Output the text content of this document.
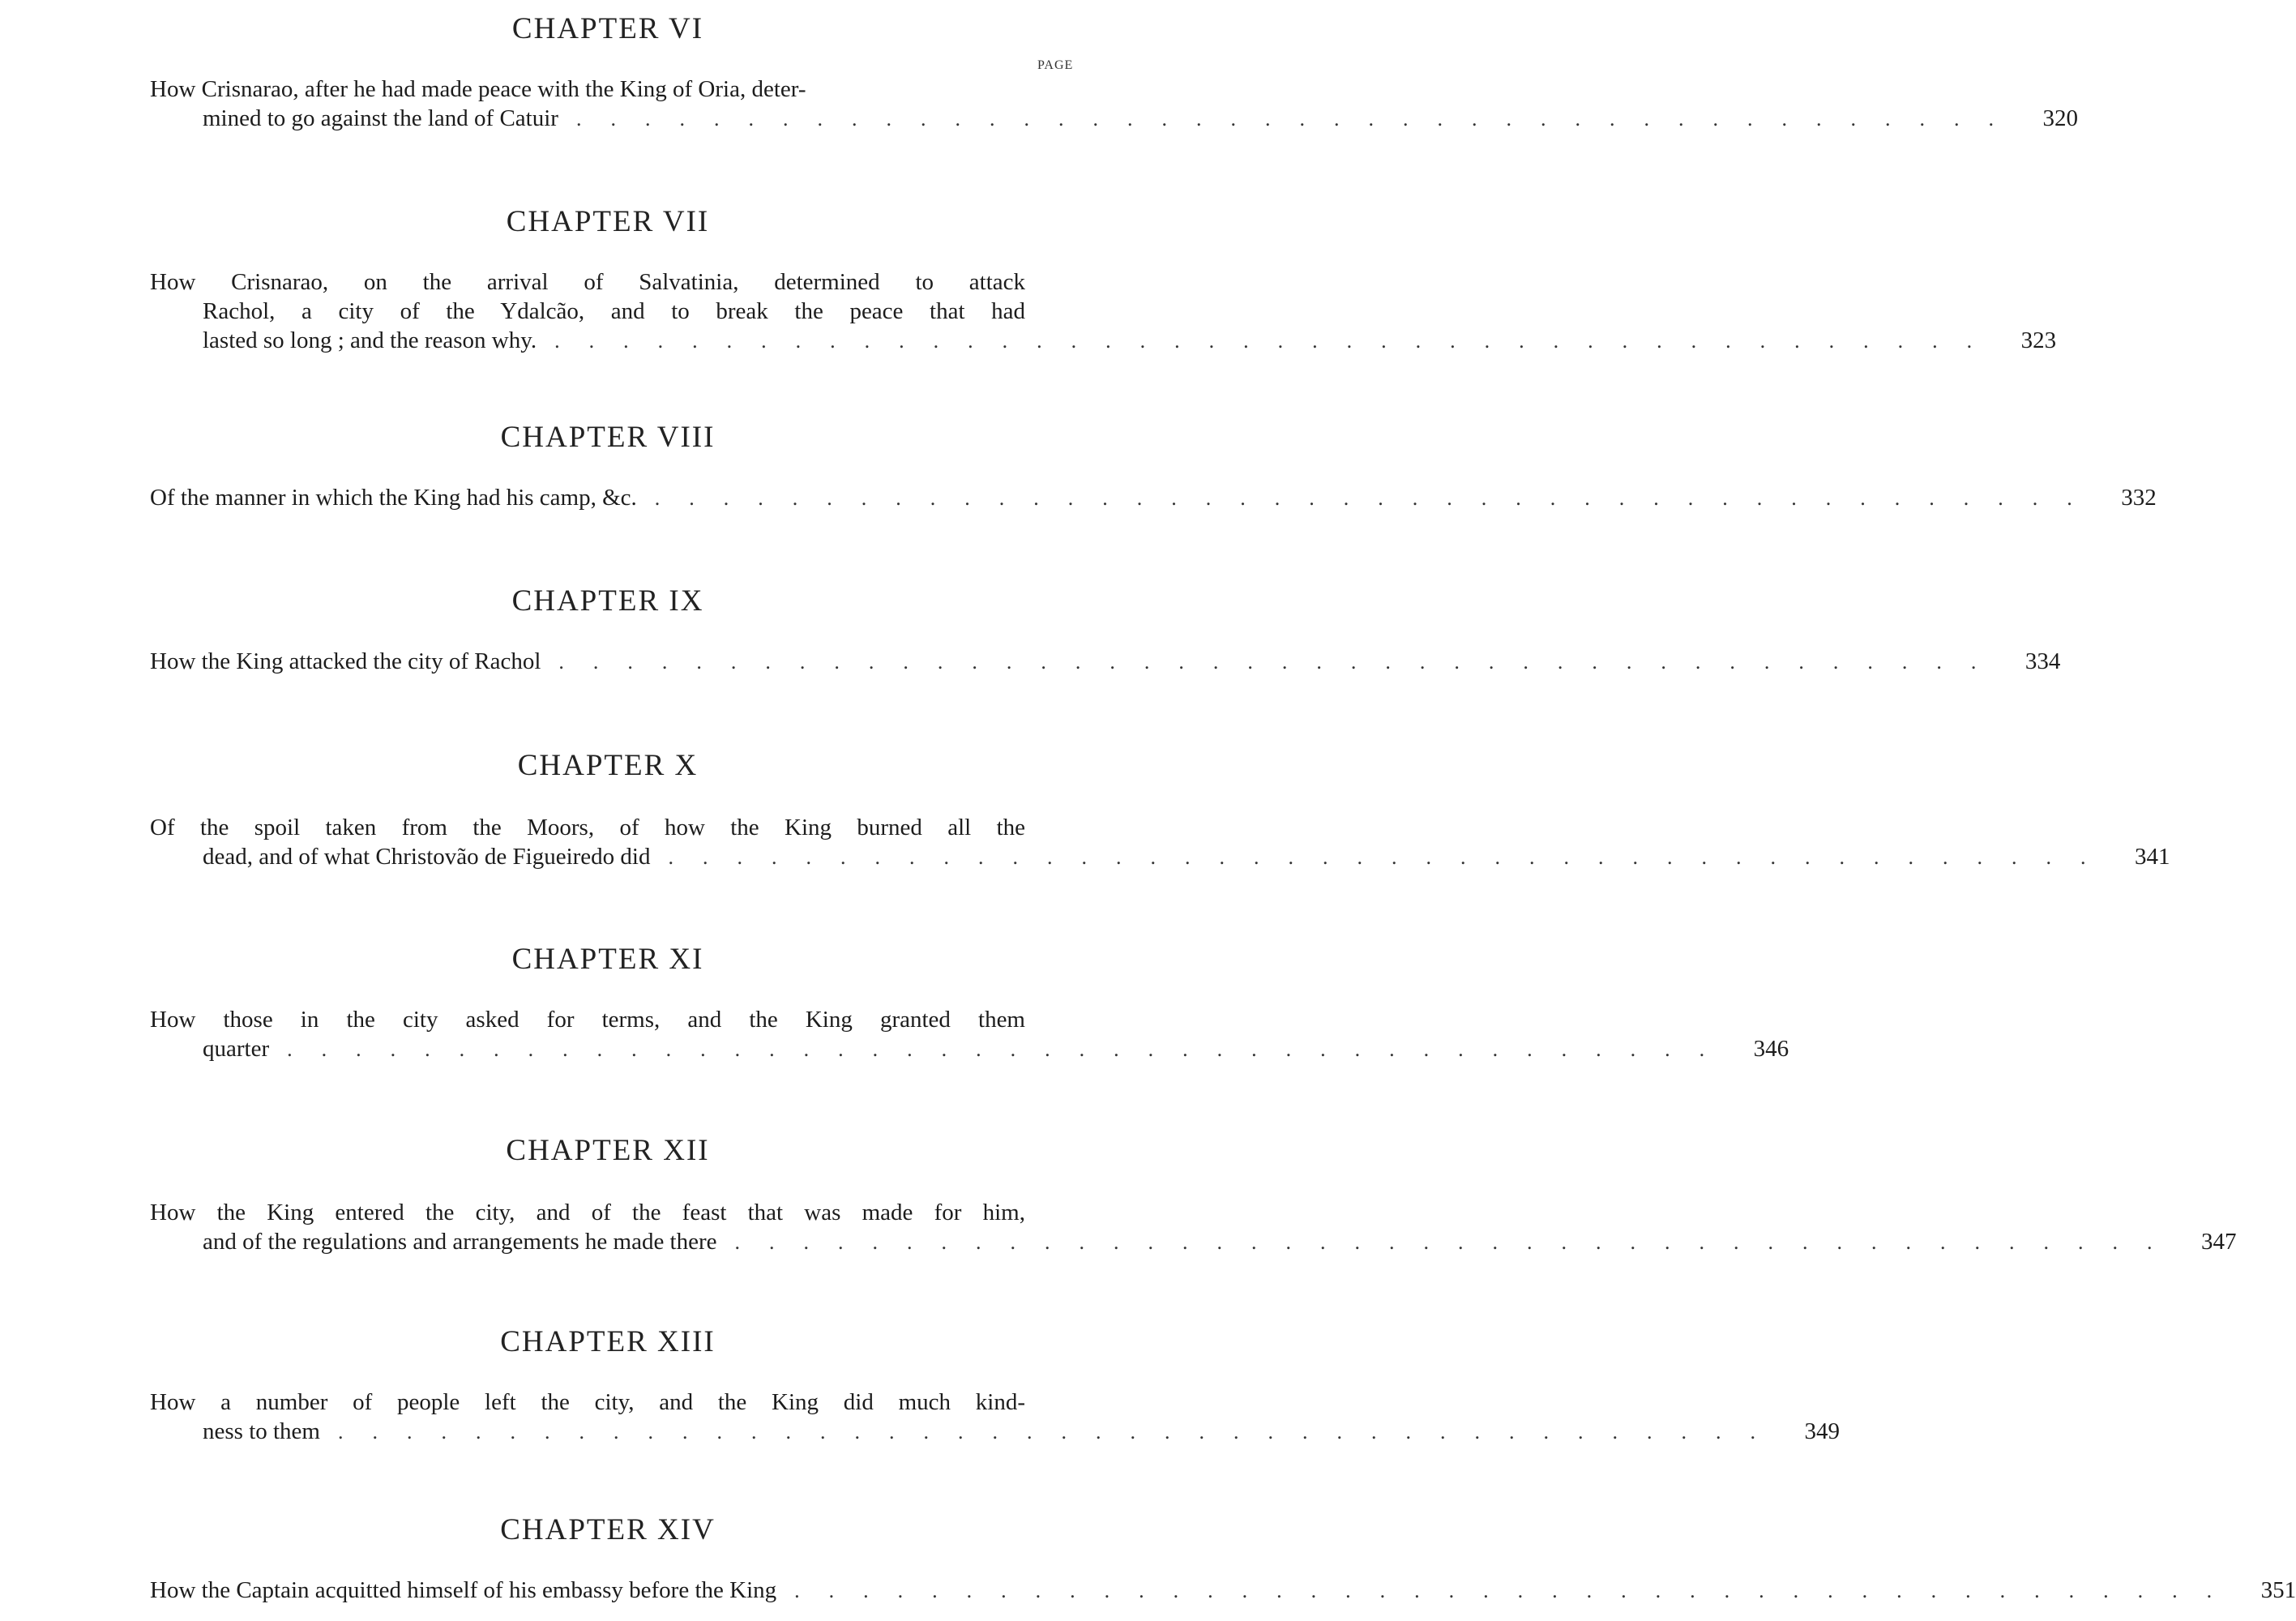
PAGE
CHAPTER VI
How Crisnarao, after he had made peace with the King of Oria, deter-
mined to go against the land of Catuir .......................................... 320
CHAPTER VII
How Crisnarao, on the arrival of Salvatinia, determined to attack
Rachol, a city of the Ydalcão, and to break the peace that had
lasted so long ; and the reason why. .......................................... 323
CHAPTER VIII
Of the manner in which the King had his camp, &c. .......................................... 332
CHAPTER IX
How the King attacked the city of Rachol .......................................... 334
CHAPTER X
Of the spoil taken from the Moors, of how the King burned all the
dead, and of what Christovão de Figueiredo did .......................................... 341
CHAPTER XI
How those in the city asked for terms, and the King granted them
quarter .......................................... 346
CHAPTER XII
How the King entered the city, and of the feast that was made for him,
and of the regulations and arrangements he made there .......................................... 347
CHAPTER XIII
How a number of people left the city, and the King did much kind-
ness to them .......................................... 349
CHAPTER XIV
How the Captain acquitted himself of his embassy before the King .......................................... 351
